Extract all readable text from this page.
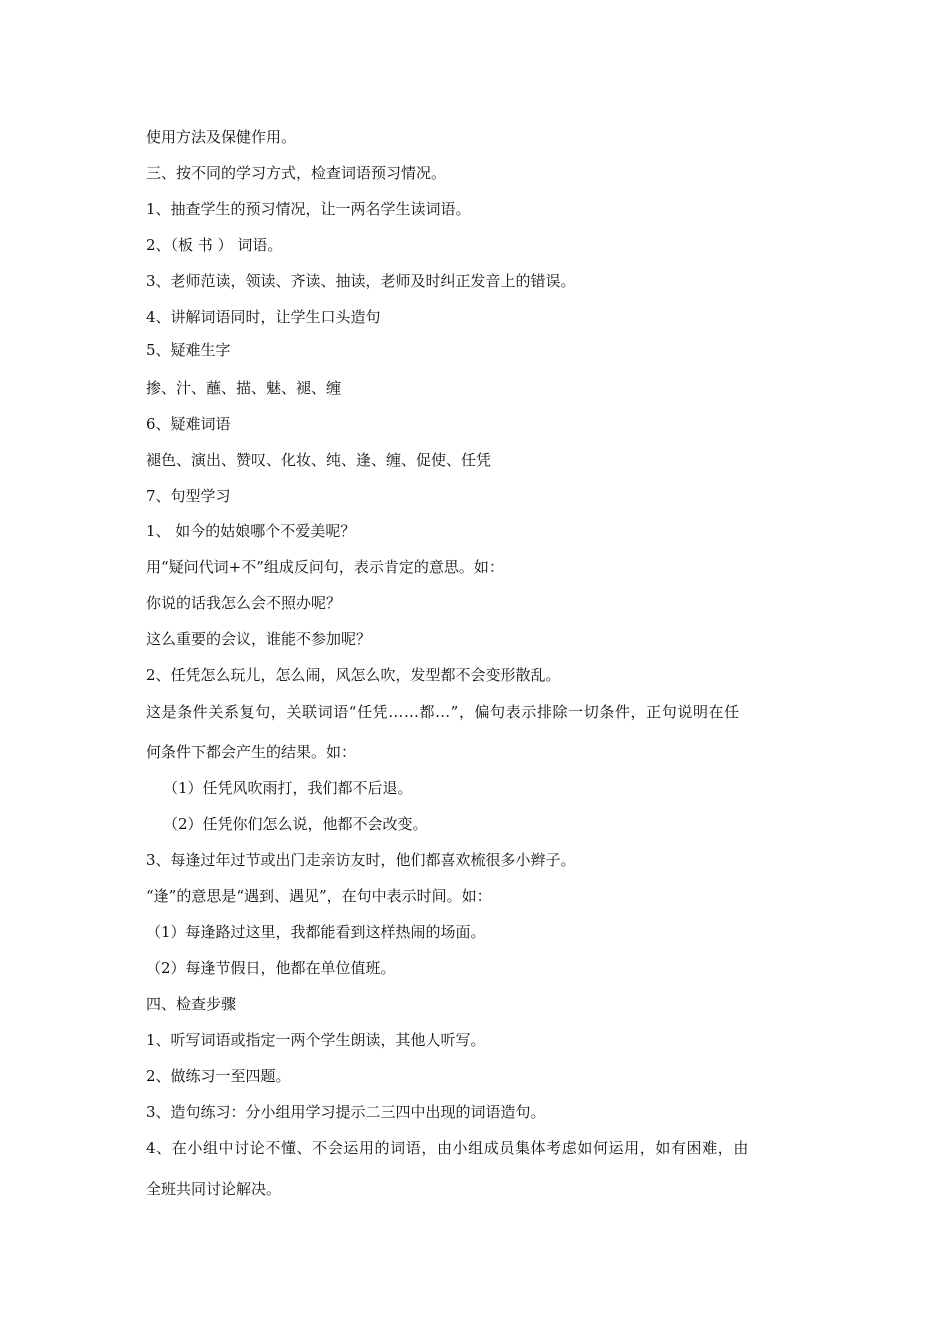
使用方法及保健作用。
三、按不同的学习方式，检查词语预习情况。
1、抽查学生的预习情况，让一两名学生读词语。
2、（板 书 ） 词语。
3、老师范读，领读、齐读、抽读，老师及时纠正发音上的错误。
4、讲解词语同时，让学生口头造句
5、疑难生字
掺、汁、蘸、描、魅、褪、缠
6、疑难词语
褪色、演出、赞叹、化妆、纯、逢、缠、促使、任凭
7、句型学习
1、 如今的姑娘哪个不爱美呢？
用“疑问代词+不”组成反问句，表示肯定的意思。如：
你说的话我怎么会不照办呢？
这么重要的会议，谁能不参加呢？
2、任凭怎么玩儿，怎么闹，风怎么吹，发型都不会变形散乱。
这是条件关系复句，关联词语“任凭……都…”，偏句表示排除一切条件，正句说明在任
何条件下都会产生的结果。如：
（1）任凭风吹雨打，我们都不后退。
（2）任凭你们怎么说，他都不会改变。
3、每逢过年过节或出门走亲访友时，他们都喜欢梳很多小辫子。
“逢”的意思是“遇到、遇见”，在句中表示时间。如：
（1）每逢路过这里，我都能看到这样热闹的场面。
（2）每逢节假日，他都在单位值班。
四、检查步骤
1、听写词语或指定一两个学生朗读，其他人听写。
2、做练习一至四题。
3、造句练习：分小组用学习提示二三四中出现的词语造句。
4、在小组中讨论不懂、不会运用的词语，由小组成员集体考虑如何运用，如有困难，由
全班共同讨论解决。
